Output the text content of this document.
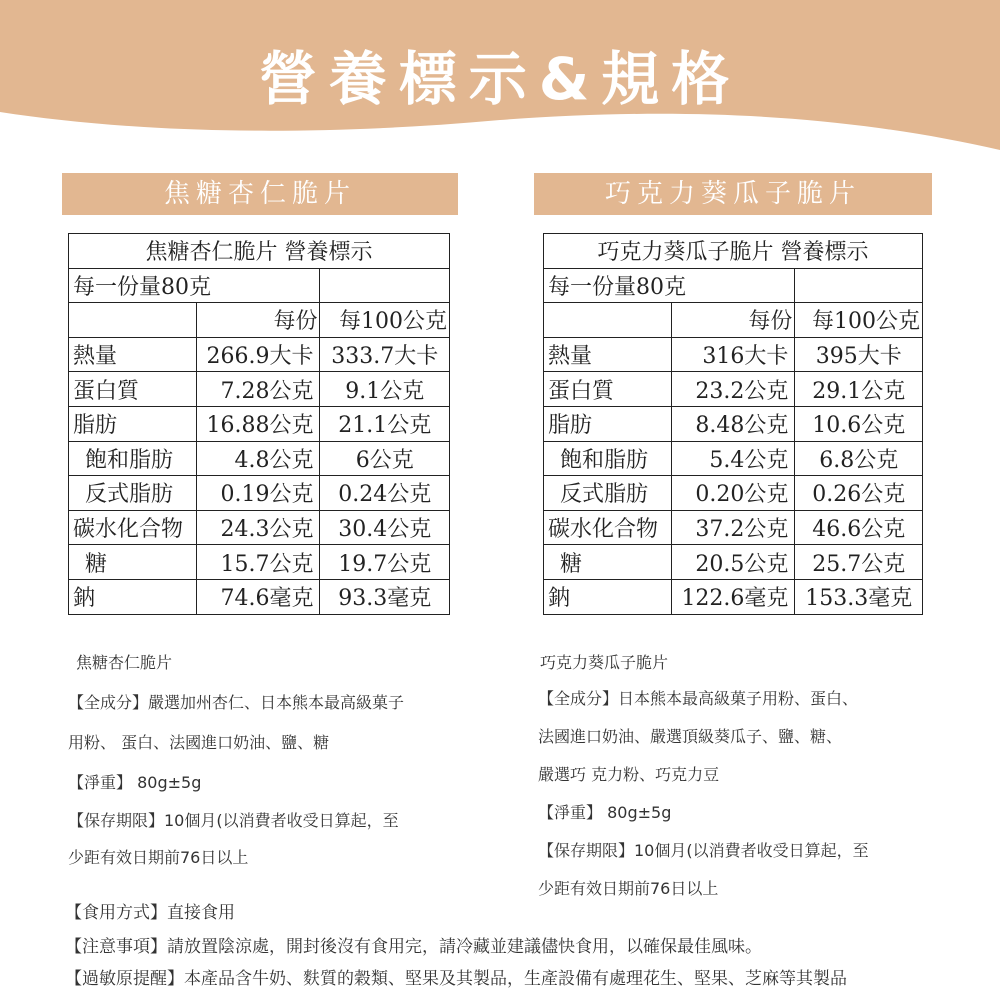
營養標示&規格
焦糖杏仁脆片	巧克力葵瓜子脆片
焦糖杏仁脆片 營養標示		
每一份量80克		
	每份	每100公克
熱量	266.9大卡	333.7大卡
蛋白質	7.28公克	9.1公克
脂肪	16.88公克	21.1公克
飽和脂肪	4.8公克	6公克
反式脂肪	0.19公克	0.24公克
碳水化合物	24.3公克	30.4公克
糖	15.7公克	19.7公克
鈉	74.6毫克	93.3毫克
巧克力葵瓜子脆片 營養標示		
每一份量80克		
	每份	每100公克
熱量	316大卡	395大卡
蛋白質	23.2公克	29.1公克
脂肪	8.48公克	10.6公克
飽和脂肪	5.4公克	6.8公克
反式脂肪	0.20公克	0.26公克
碳水化合物	37.2公克	46.6公克
糖	20.5公克	25.7公克
鈉	122.6毫克	153.3毫克

焦糖杏仁脆片

【全成分】嚴選加州杏仁、日本熊本最高級菓子

用粉、 蛋白、法國進口奶油、鹽、糖

【淨重】 80g±5g

【保存期限】10個月(以消費者收受日算起，至

少距有效日期前76日以上

巧克力葵瓜子脆片

【全成分】日本熊本最高級菓子用粉、蛋白、

法國進口奶油、嚴選頂級葵瓜子、鹽、糖、

嚴選巧 克力粉、巧克力豆

【淨重】 80g±5g

【保存期限】10個月(以消費者收受日算起，至

少距有效日期前76日以上

【食用方式】直接食用

【注意事項】請放置陰涼處，開封後沒有食用完，請冷藏並建議儘快食用，以確保最佳風味。

【過敏原提醒】本產品含牛奶、麩質的穀類、堅果及其製品，生產設備有處理花生、堅果、芝麻等其製品
